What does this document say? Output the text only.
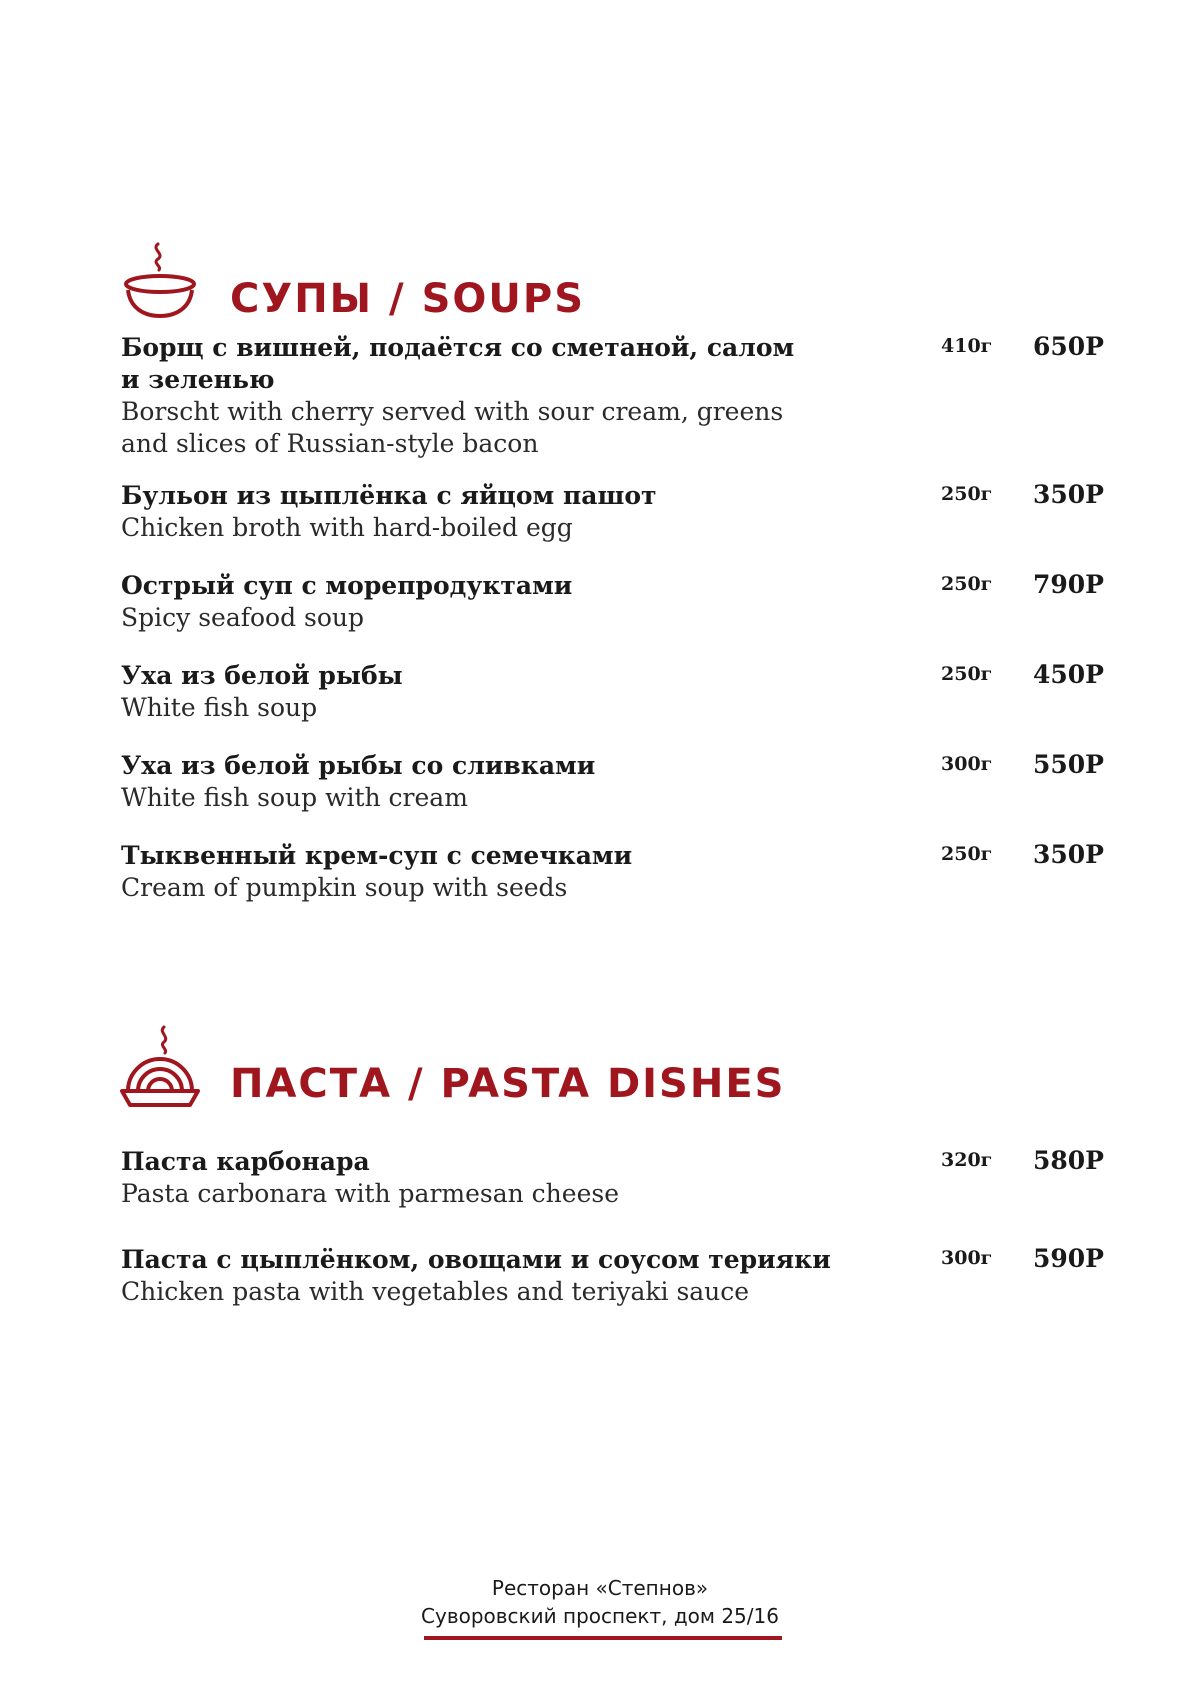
СУПЫ / SOUPS
Борщ с вишней, подаётся со сметаной, салом и зеленью
Borscht with cherry served with sour cream, greens and slices of Russian-style bacon
410г 650Р
Бульон из цыплёнка с яйцом пашот
Chicken broth with hard-boiled egg
250г 350Р
Острый суп с морепродуктами
Spicy seafood soup
250г 790Р
Уха из белой рыбы
White fish soup
250г 450Р
Уха из белой рыбы со сливками
White fish soup with cream
300г 550Р
Тыквенный крем-суп с семечками
Cream of pumpkin soup with seeds
250г 350Р
ПАСТА / PASTA DISHES
Паста карбонара
Pasta carbonara with parmesan cheese
320г 580Р
Паста с цыплёнком, овощами и соусом терияки
Chicken pasta with vegetables and teriyaki sauce
300г 590Р
Ресторан «Степнов»
Суворовский проспект, дом 25/16
